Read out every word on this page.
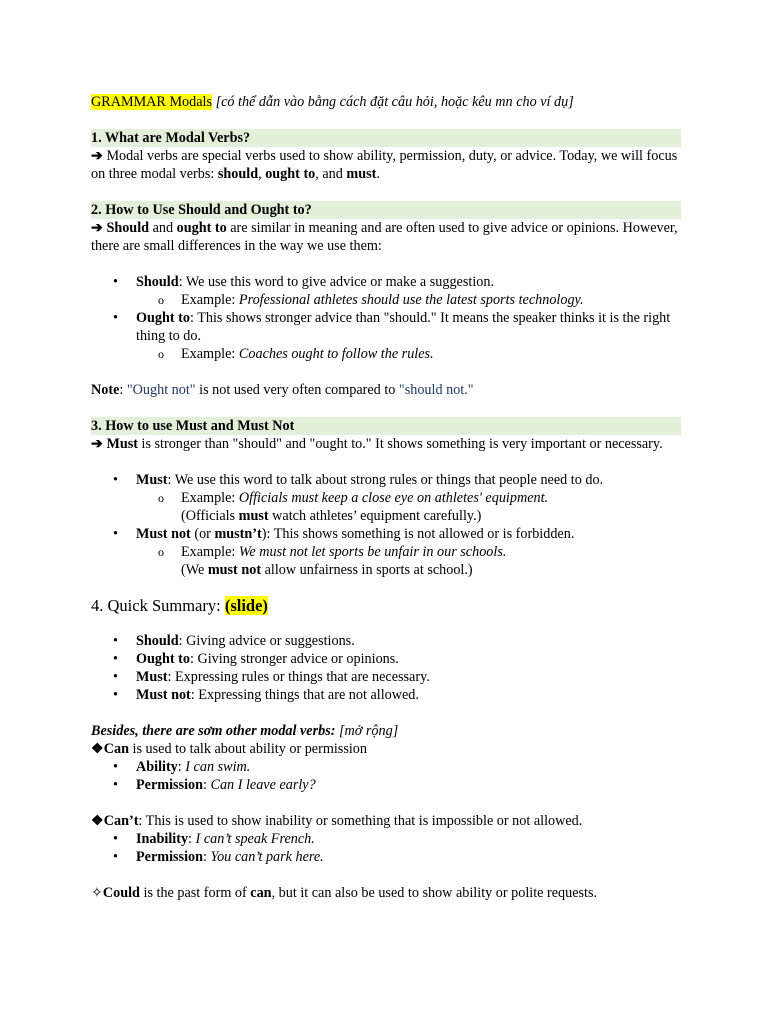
GRAMMAR Modals [có thể dẫn vào bằng cách đặt câu hỏi, hoặc kêu mn cho ví dụ]

1. What are Modal Verbs?

➔ Modal verbs are special verbs used to show ability, permission, duty, or advice. Today, we will focus on three modal verbs: should, ought to, and must.

2. How to Use Should and Ought to?

➔ Should and ought to are similar in meaning and are often used to give advice or opinions. However, there are small differences in the way we use them:

• Should: We use this word to give advice or make a suggestion.
o Example: Professional athletes should use the latest sports technology.
• Ought to: This shows stronger advice than "should." It means the speaker thinks it is the right thing to do.
o Example: Coaches ought to follow the rules.

Note: "Ought not" is not used very often compared to "should not."

3. How to use Must and Must Not

➔ Must is stronger than "should" and "ought to." It shows something is very important or necessary.

• Must: We use this word to talk about strong rules or things that people need to do.
o Example: Officials must keep a close eye on athletes' equipment.
(Officials must watch athletes’ equipment carefully.)
• Must not (or mustn’t): This shows something is not allowed or is forbidden.
o Example: We must not let sports be unfair in our schools.
(We must not allow unfairness in sports at school.)
4. Quick Summary: (slide)
• Should: Giving advice or suggestions.
• Ought to: Giving stronger advice or opinions.
• Must: Expressing rules or things that are necessary.
• Must not: Expressing things that are not allowed.

Besides, there are sơm other modal verbs: [mở rộng]

❖Can is used to talk about ability or permission

• Ability: I can swim.
• Permission: Can I leave early?

❖Can’t: This is used to show inability or something that is impossible or not allowed.

• Inability: I can’t speak French.
• Permission: You can’t park here.

✧Could is the past form of can, but it can also be used to show ability or polite requests.
